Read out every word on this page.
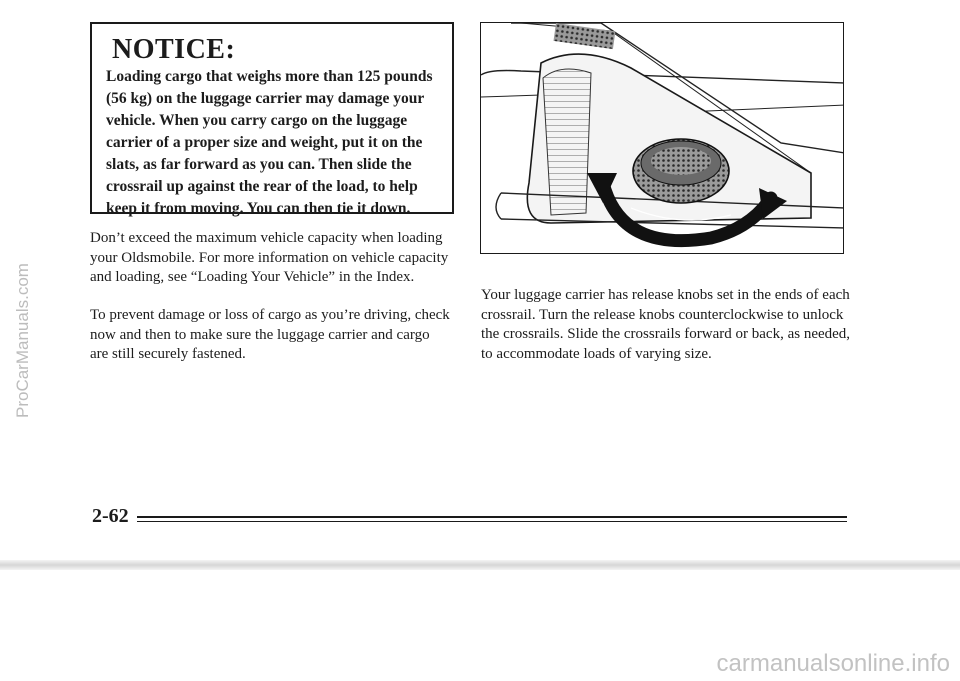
NOTICE:

Loading cargo that weighs more than 125 pounds (56 kg) on the luggage carrier may damage your vehicle. When you carry cargo on the luggage carrier of a proper size and weight, put it on the slats, as far forward as you can. Then slide the crossrail up against the rear of the load, to help keep it from moving. You can then tie it down.

Don’t exceed the maximum vehicle capacity when loading your Oldsmobile. For more information on vehicle capacity and loading, see “Loading Your Vehicle” in the Index.

To prevent damage or loss of cargo as you’re driving, check now and then to make sure the luggage carrier and cargo are still securely fastened.

Your luggage carrier has release knobs set in the ends of each crossrail. Turn the release knobs counterclockwise to unlock the crossrails. Slide the crossrails forward or back, as needed, to accommodate loads of varying size.

2-62

ProCarManuals.com
carmanualsonline.info
